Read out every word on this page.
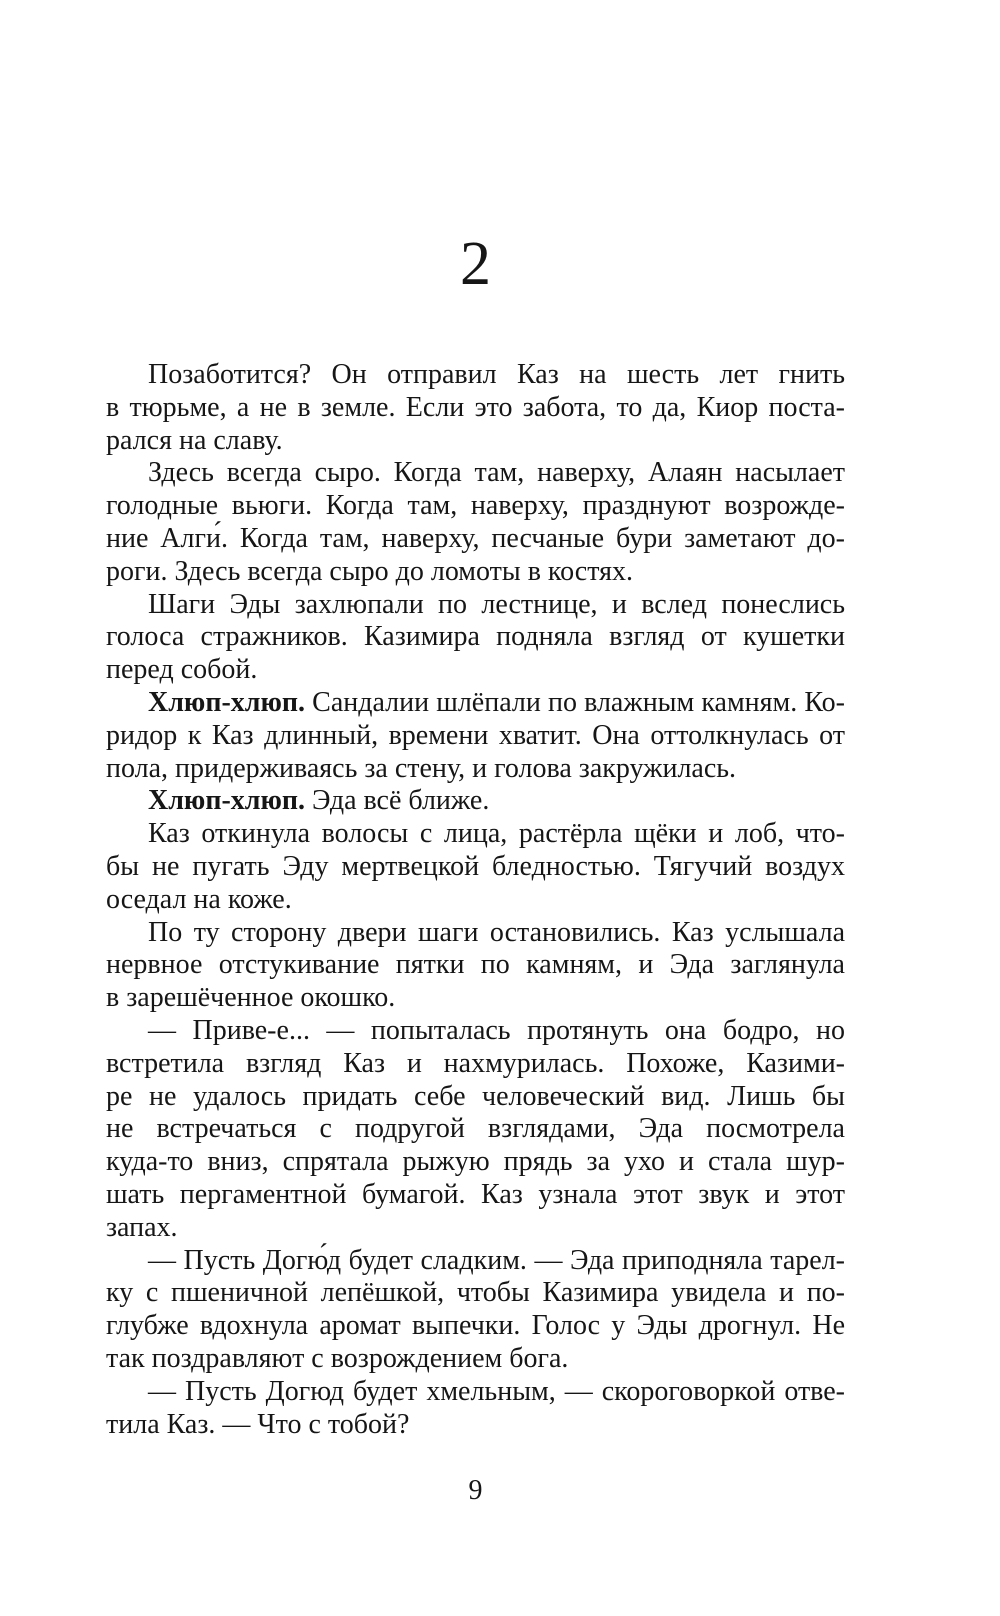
2
Позаботится? Он отправил Каз на шесть лет гнить
в тюрьме, а не в земле. Если это забота, то да, Киор поста-
рался на славу.
Здесь всегда сыро. Когда там, наверху, Алаян насылает
голодные вьюги. Когда там, наверху, празднуют возрожде-
ние Алги́. Когда там, наверху, песчаные бури заметают до-
роги. Здесь всегда сыро до ломоты в костях.
Шаги Эды захлюпали по лестнице, и вслед понеслись
голоса стражников. Казимира подняла взгляд от кушетки
перед собой.
Хлюп-хлюп. Сандалии шлёпали по влажным камням. Ко-
ридор к Каз длинный, времени хватит. Она оттолкнулась от
пола, придерживаясь за стену, и голова закружилась.
Хлюп-хлюп. Эда всё ближе.
Каз откинула волосы с лица, растёрла щёки и лоб, что-
бы не пугать Эду мертвецкой бледностью. Тягучий воздух
оседал на коже.
По ту сторону двери шаги остановились. Каз услышала
нервное отстукивание пятки по камням, и Эда заглянула
в зарешёченное окошко.
— Приве-е... — попыталась протянуть она бодро, но
встретила взгляд Каз и нахмурилась. Похоже, Казими-
ре не удалось придать себе человеческий вид. Лишь бы
не встречаться с подругой взглядами, Эда посмотрела
куда-то вниз, спрятала рыжую прядь за ухо и стала шур-
шать пергаментной бумагой. Каз узнала этот звук и этот
запах.
— Пусть Догю́д будет сладким. — Эда приподняла тарел-
ку с пшеничной лепёшкой, чтобы Казимира увидела и по-
глубже вдохнула аромат выпечки. Голос у Эды дрогнул. Не
так поздравляют с возрождением бога.
— Пусть Догюд будет хмельным, — скороговоркой отве-
тила Каз. — Что с тобой?
9
